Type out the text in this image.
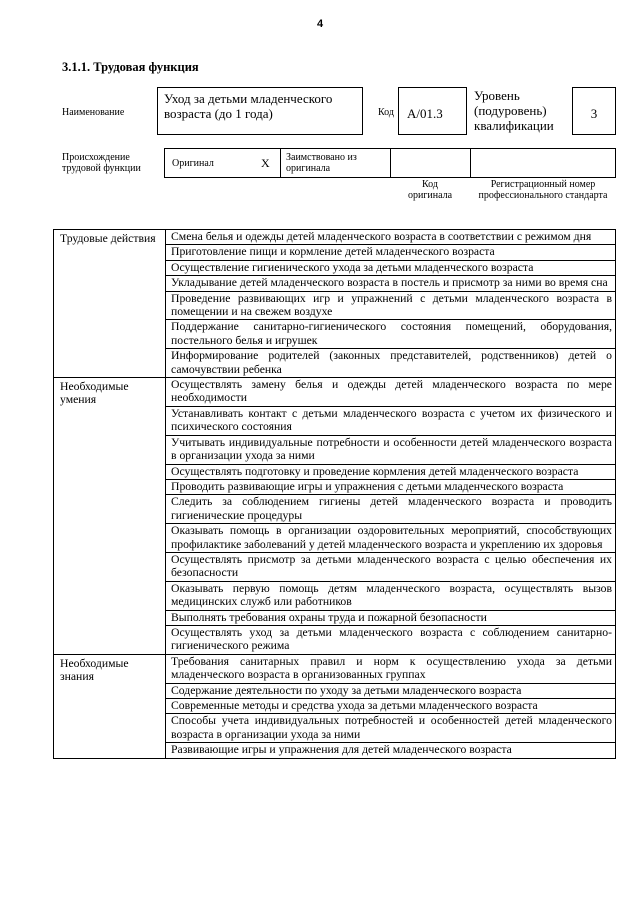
4
3.1.1. Трудовая функция
Наименование
Уход за детьми младенческого возраста (до 1 года)	Код	А/01.3
Уровень (подуровень) квалификации
3
Происхождение трудовой функции	Оригинал	X Заимствовано из оригинала
Код оригинала
Регистрационный номер профессионального стандарта
Трудовые действия	Смена белья и одежды детей младенческого возраста в соответствии с режимом дня
	Приготовление пищи и кормление детей младенческого возраста
	Осуществление гигиенического ухода за детьми младенческого возраста
	Укладывание детей младенческого возраста в постель и присмотр за ними во время сна
	Проведение развивающих игр и упражнений с детьми младенческого возраста в помещении и на свежем воздухе
	Поддержание санитарно-гигиенического состояния помещений, оборудования, постельного белья и игрушек
	Информирование родителей (законных представителей, родственников) детей о самочувствии ребенка
Необходимые умения	Осуществлять замену белья и одежды детей младенческого возраста по мере необходимости
	Устанавливать контакт с детьми младенческого возраста с учетом их физического и психического состояния
	Учитывать индивидуальные потребности и особенности детей младенческого возраста в организации ухода за ними
	Осуществлять подготовку и проведение кормления детей младенческого возраста
	Проводить развивающие игры и упражнения с детьми младенческого возраста
	Следить за соблюдением гигиены детей младенческого возраста и проводить гигиенические процедуры
	Оказывать помощь в организации оздоровительных мероприятий, способствующих профилактике заболеваний у детей младенческого возраста и укреплению их здоровья
	Осуществлять присмотр за детьми младенческого возраста с целью обеспечения их безопасности
	Оказывать первую помощь детям младенческого возраста, осуществлять вызов медицинских служб или работников
	Выполнять требования охраны труда и пожарной безопасности
	Осуществлять уход за детьми младенческого возраста с соблюдением санитарно-гигиенического режима
Необходимые знания	Требования санитарных правил и норм к осуществлению ухода за детьми младенческого возраста в организованных группах
	Содержание деятельности по уходу за детьми младенческого возраста
	Современные методы и средства ухода за детьми младенческого возраста
	Способы учета индивидуальных потребностей и особенностей детей младенческого возраста в организации ухода за ними
	Развивающие игры и упражнения для детей младенческого возраста
